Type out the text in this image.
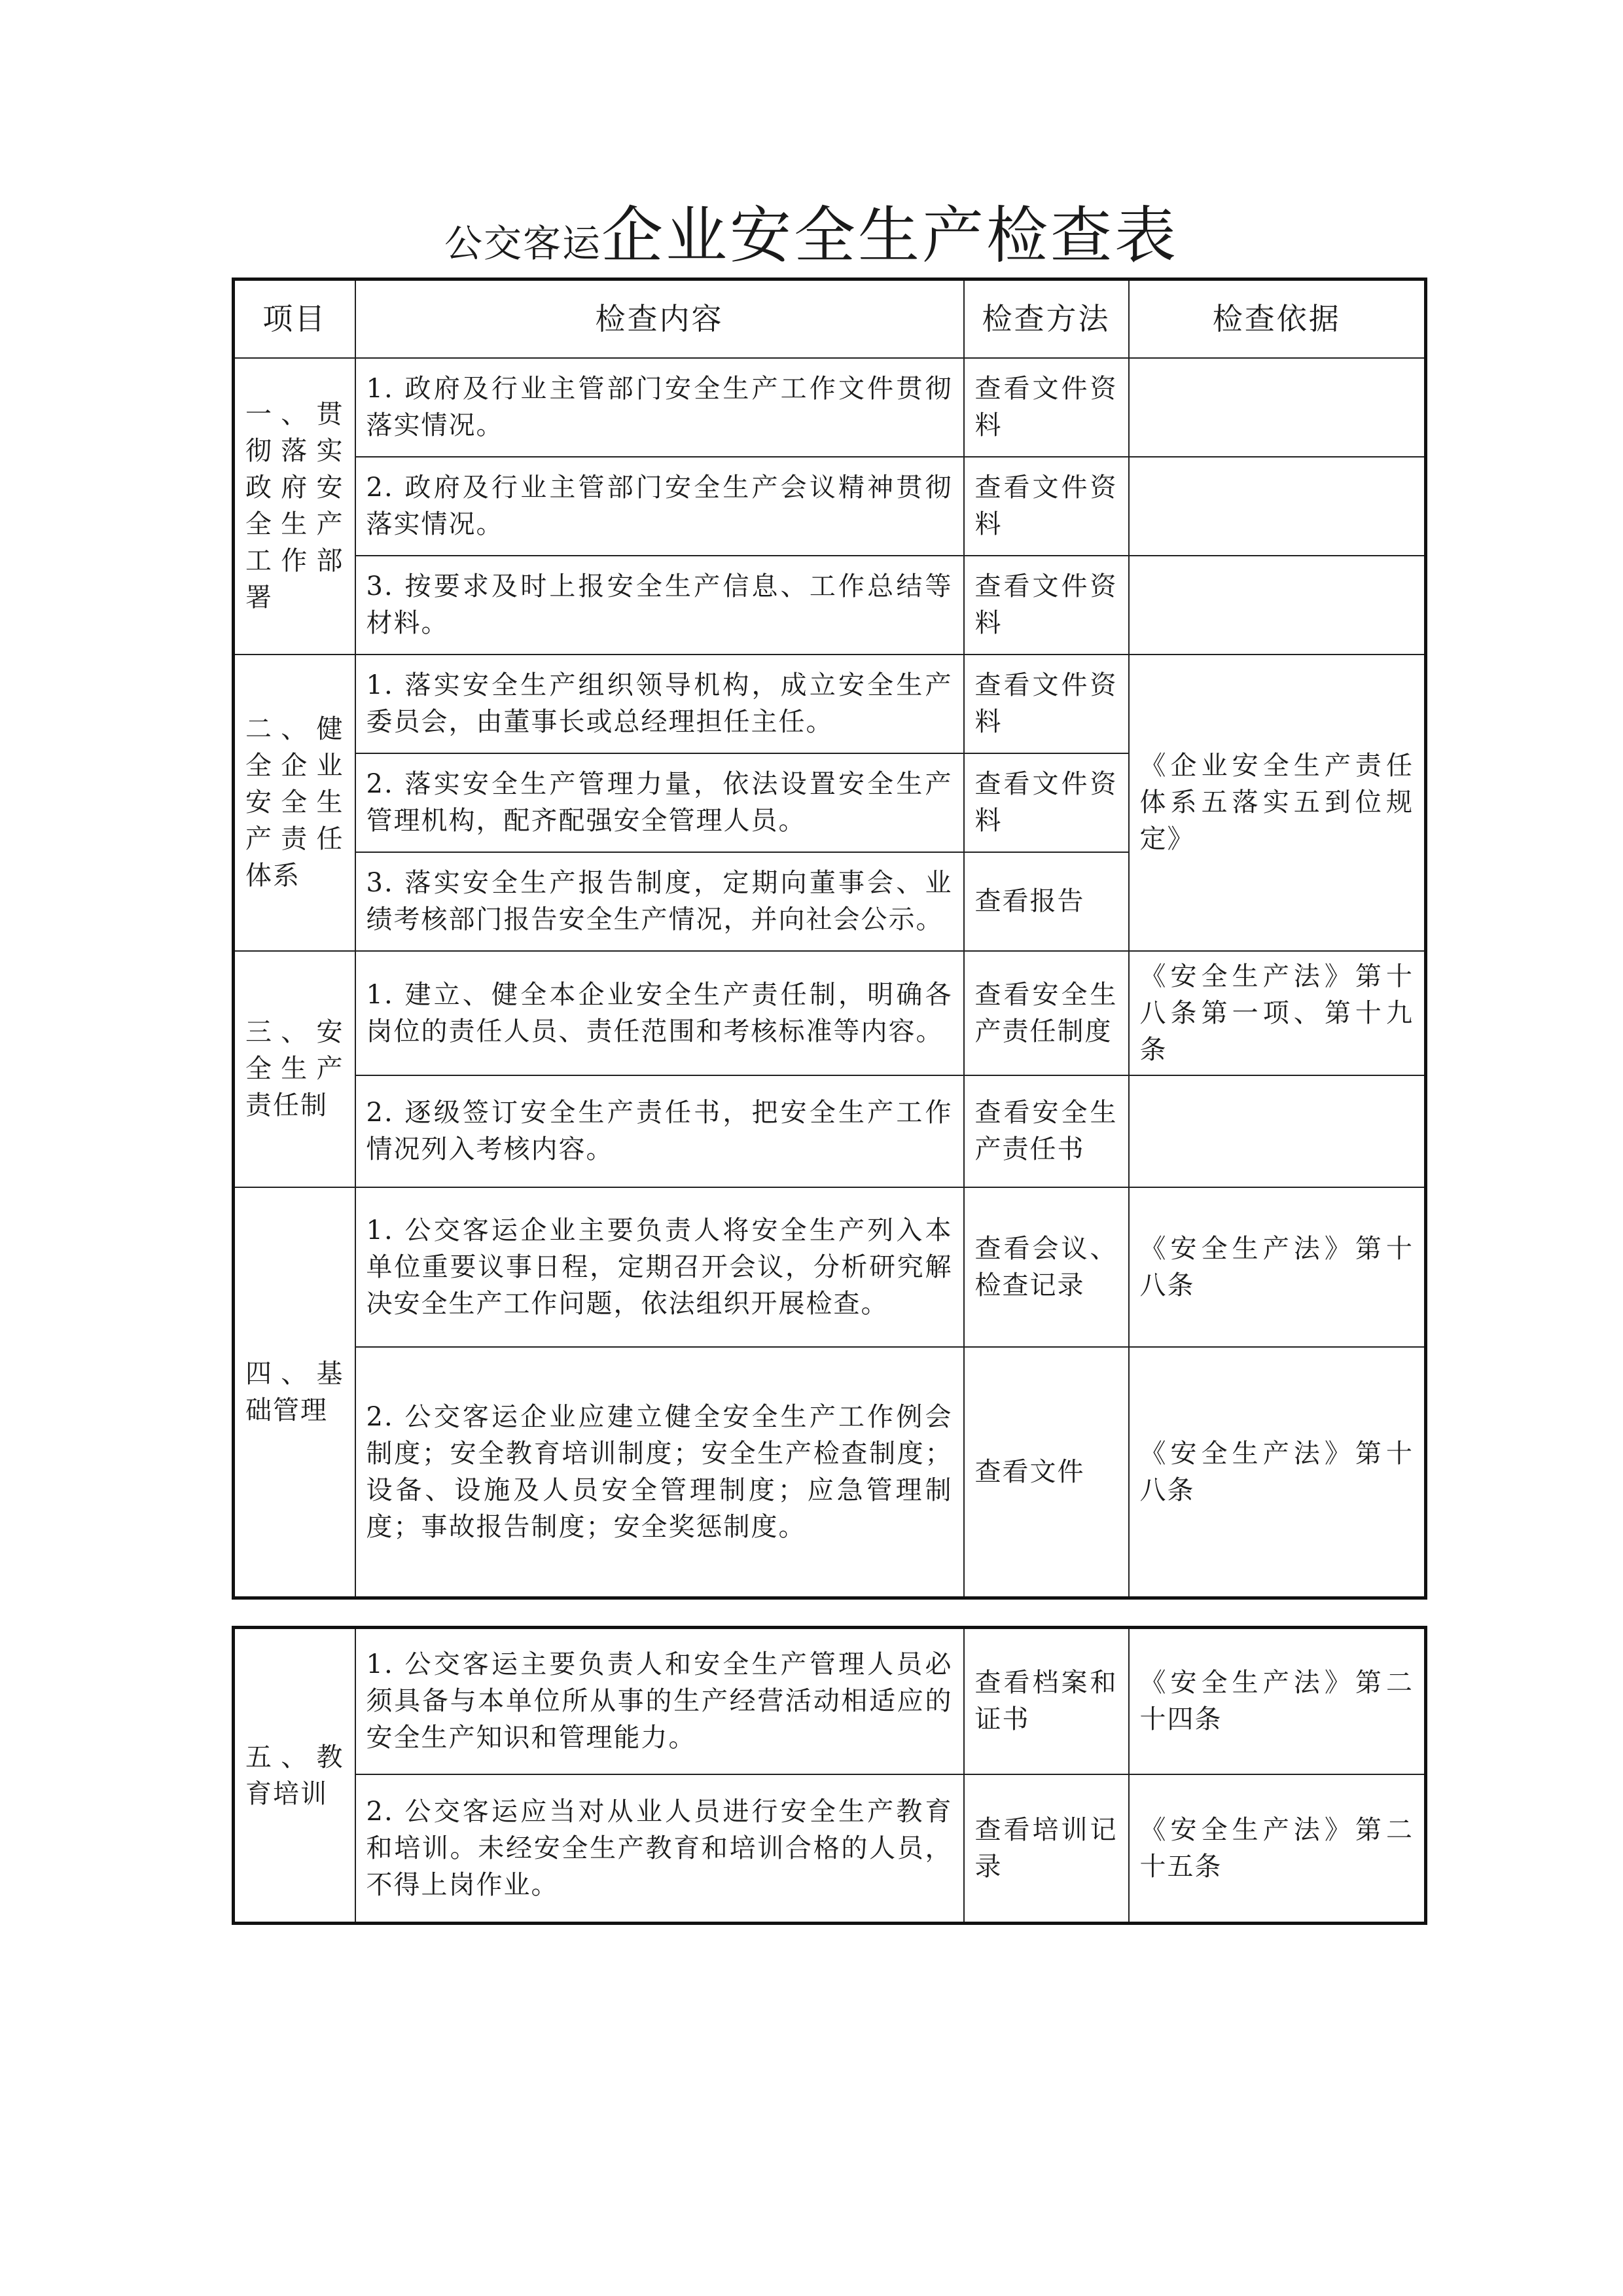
公交客运企业安全生产检查表
项目	检查内容	检查方法	检查依据
一、贯彻落实政府安全生产工作部署	1. 政府及行业主管部门安全生产工作文件贯彻落实情况。	查看文件资料	
	2. 政府及行业主管部门安全生产会议精神贯彻落实情况。	查看文件资料	
	3. 按要求及时上报安全生产信息、工作总结等材料。	查看文件资料	
二、健全企业安全生产责任体系	1. 落实安全生产组织领导机构，成立安全生产委员会，由董事长或总经理担任主任。	查看文件资料	《企业安全生产责任体系五落实五到位规定》
	2. 落实安全生产管理力量，依法设置安全生产管理机构，配齐配强安全管理人员。	查看文件资料	
	3. 落实安全生产报告制度，定期向董事会、业绩考核部门报告安全生产情况，并向社会公示。	查看报告	
三、安全生产责任制	1. 建立、健全本企业安全生产责任制，明确各岗位的责任人员、责任范围和考核标准等内容。	查看安全生产责任制度	《安全生产法》第十八条第一项、第十九条
	2. 逐级签订安全生产责任书，把安全生产工作情况列入考核内容。	查看安全生产责任书	
四、基础管理	1. 公交客运企业主要负责人将安全生产列入本单位重要议事日程，定期召开会议，分析研究解决安全生产工作问题，依法组织开展检查。	查看会议、检查记录	《安全生产法》第十八条
	2. 公交客运企业应建立健全安全生产工作例会制度；安全教育培训制度；安全生产检查制度；设备、设施及人员安全管理制度；应急管理制度；事故报告制度；安全奖惩制度。	查看文件	《安全生产法》第十八条
五、教育培训	1. 公交客运主要负责人和安全生产管理人员必须具备与本单位所从事的生产经营活动相适应的安全生产知识和管理能力。	查看档案和证书	《安全生产法》第二十四条
	2. 公交客运应当对从业人员进行安全生产教育和培训。未经安全生产教育和培训合格的人员，不得上岗作业。	查看培训记录	《安全生产法》第二十五条
